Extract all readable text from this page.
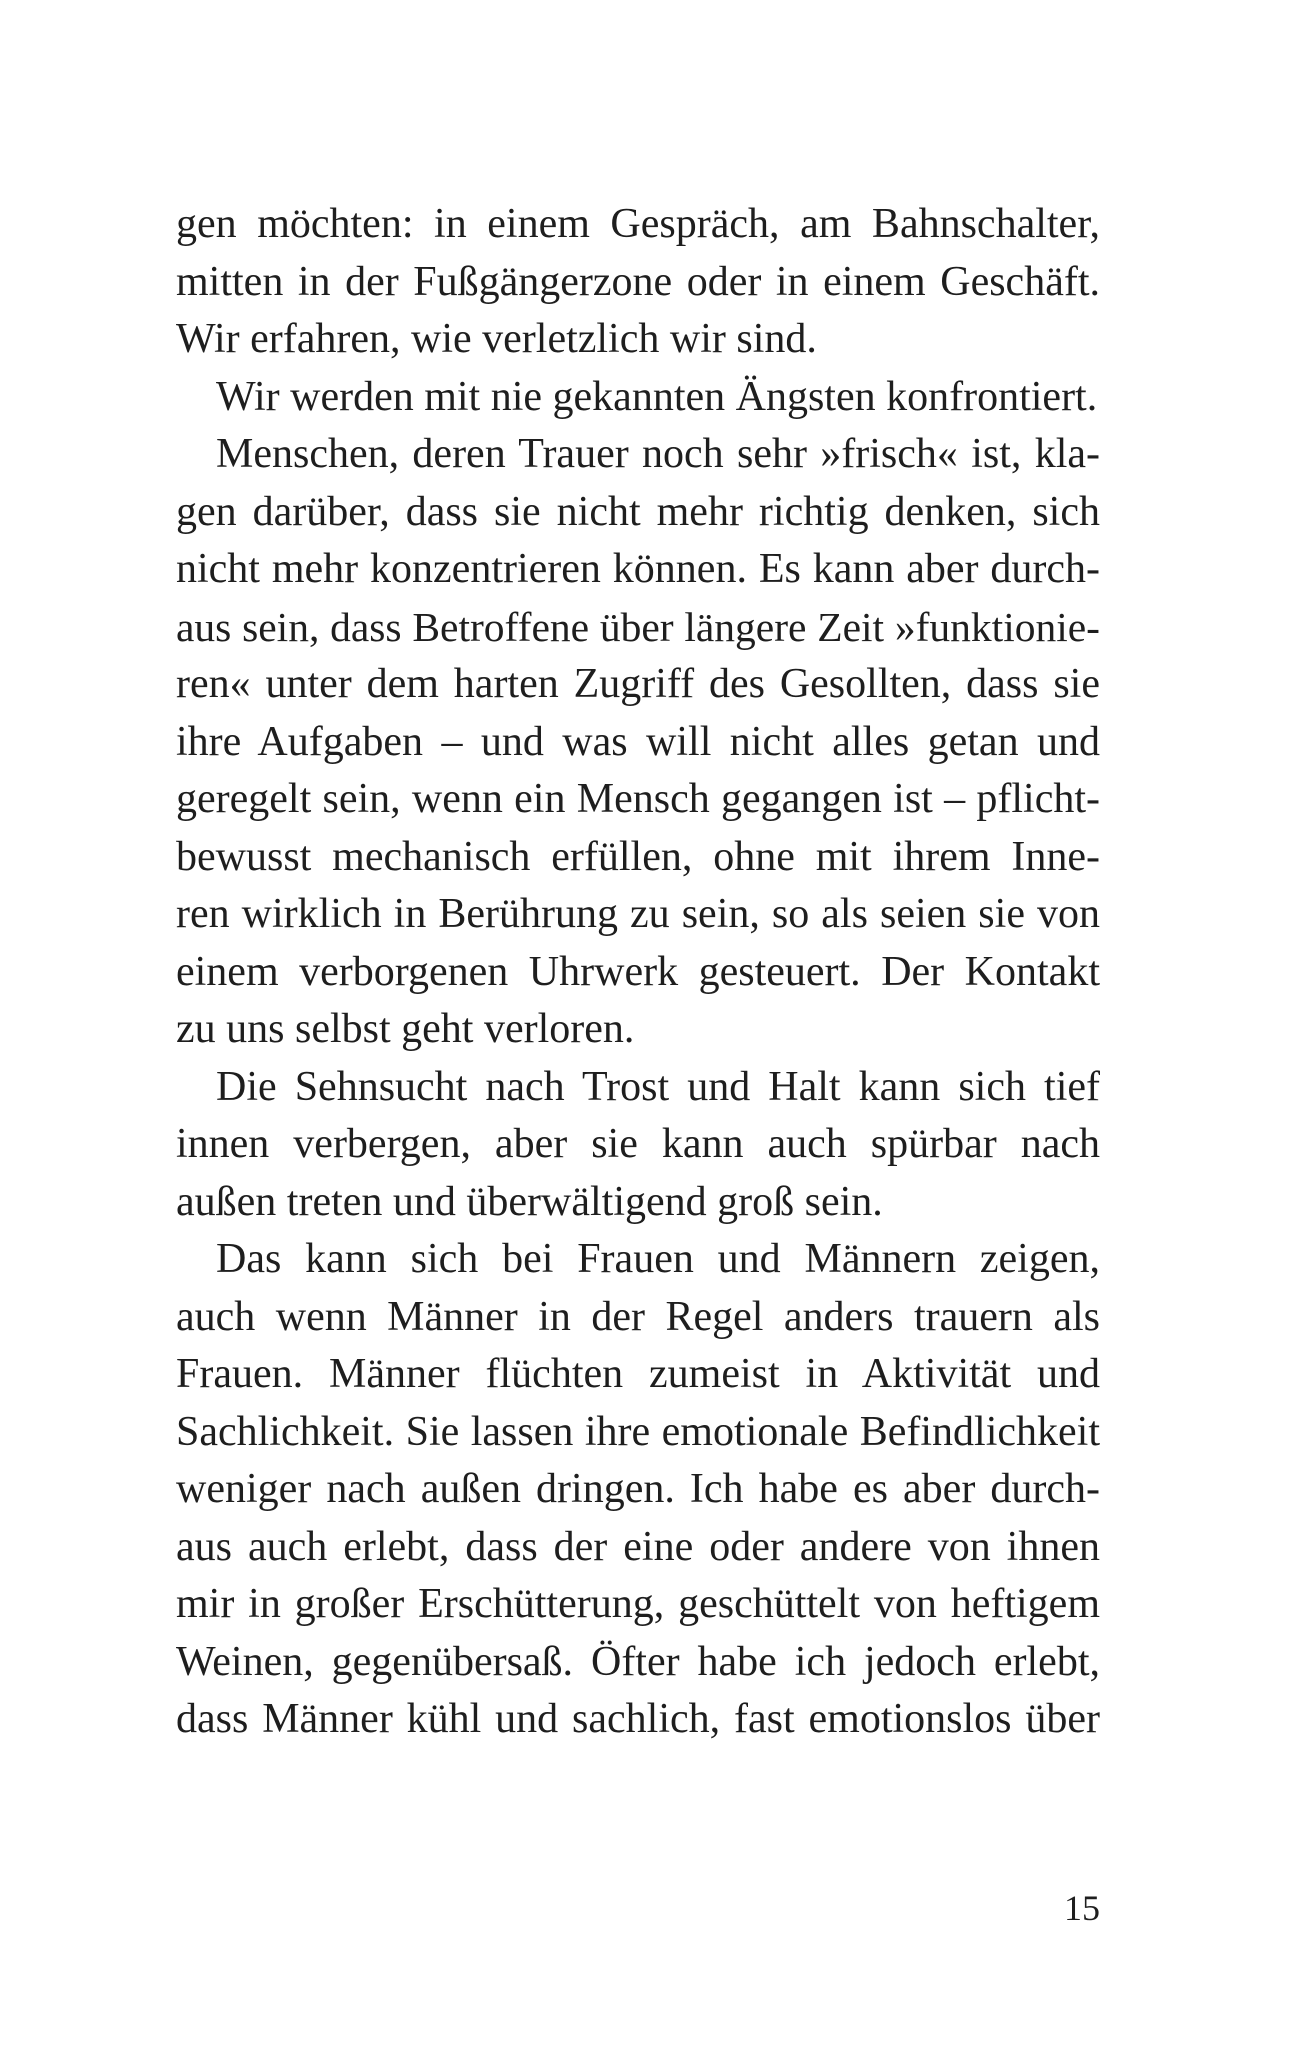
gen möchten: in einem Gespräch, am Bahnschalter,
mitten in der Fußgängerzone oder in einem Geschäft.
Wir erfahren, wie verletzlich wir sind.
Wir werden mit nie gekannten Ängsten konfrontiert.
Menschen, deren Trauer noch sehr »frisch« ist, kla-
gen darüber, dass sie nicht mehr richtig denken, sich
nicht mehr konzentrieren können. Es kann aber durch-
aus sein, dass Betroffene über längere Zeit »funktionie-
ren« unter dem harten Zugriff des Gesollten, dass sie
ihre Aufgaben – und was will nicht alles getan und
geregelt sein, wenn ein Mensch gegangen ist – pflicht-
bewusst mechanisch erfüllen, ohne mit ihrem Inne-
ren wirklich in Berührung zu sein, so als seien sie von
einem verborgenen Uhrwerk gesteuert. Der Kontakt
zu uns selbst geht verloren.
Die Sehnsucht nach Trost und Halt kann sich tief
innen verbergen, aber sie kann auch spürbar nach
außen treten und überwältigend groß sein.
Das kann sich bei Frauen und Männern zeigen,
auch wenn Männer in der Regel anders trauern als
Frauen. Männer flüchten zumeist in Aktivität und
Sachlichkeit. Sie lassen ihre emotionale Befindlichkeit
weniger nach außen dringen. Ich habe es aber durch-
aus auch erlebt, dass der eine oder andere von ihnen
mir in großer Erschütterung, geschüttelt von heftigem
Weinen, gegenübersaß. Öfter habe ich jedoch erlebt,
dass Männer kühl und sachlich, fast emotionslos über
15
